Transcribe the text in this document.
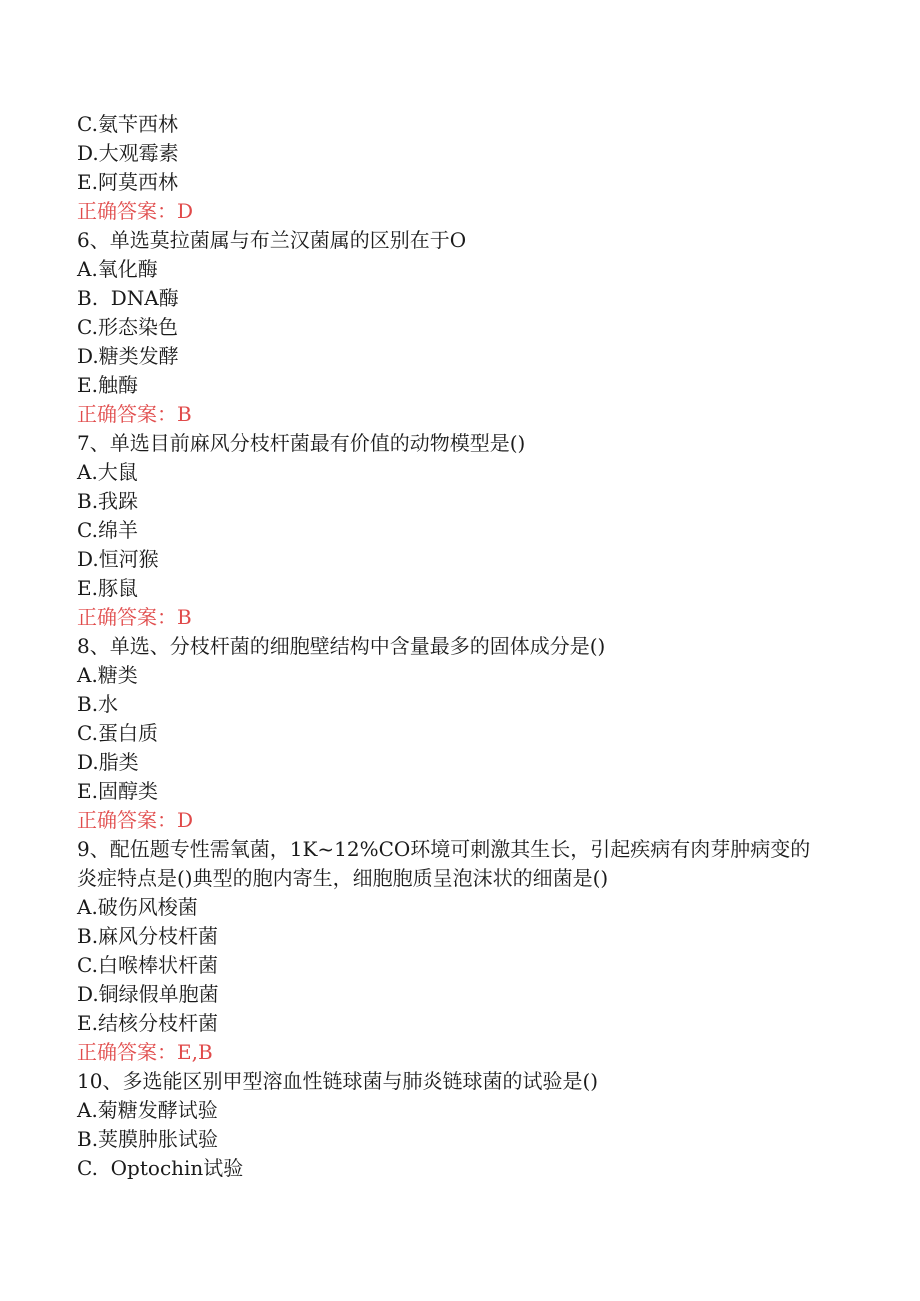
C.氨苄西林
D.大观霉素
E.阿莫西林
正确答案：D
6、单选莫拉菌属与布兰汉菌属的区别在于O
A.氧化酶
B.  DNA酶
C.形态染色
D.糖类发酵
E.触酶
正确答案：B
7、单选目前麻风分枝杆菌最有价值的动物模型是()
A.大鼠
B.我跺
C.绵羊
D.恒河猴
E.豚鼠
正确答案：B
8、单选、分枝杆菌的细胞壁结构中含量最多的固体成分是()
A.糖类
B.水
C.蛋白质
D.脂类
E.固醇类
正确答案：D
9、配伍题专性需氧菌，1K~12%CO环境可刺激其生长，引起疾病有肉芽肿病变的
炎症特点是()典型的胞内寄生，细胞胞质呈泡沫状的细菌是()
A.破伤风梭菌
B.麻风分枝杆菌
C.白喉棒状杆菌
D.铜绿假单胞菌
E.结核分枝杆菌
正确答案：E,B
10、多选能区别甲型溶血性链球菌与肺炎链球菌的试验是()
A.菊糖发酵试验
B.荚膜肿胀试验
C.  Optochin试验
